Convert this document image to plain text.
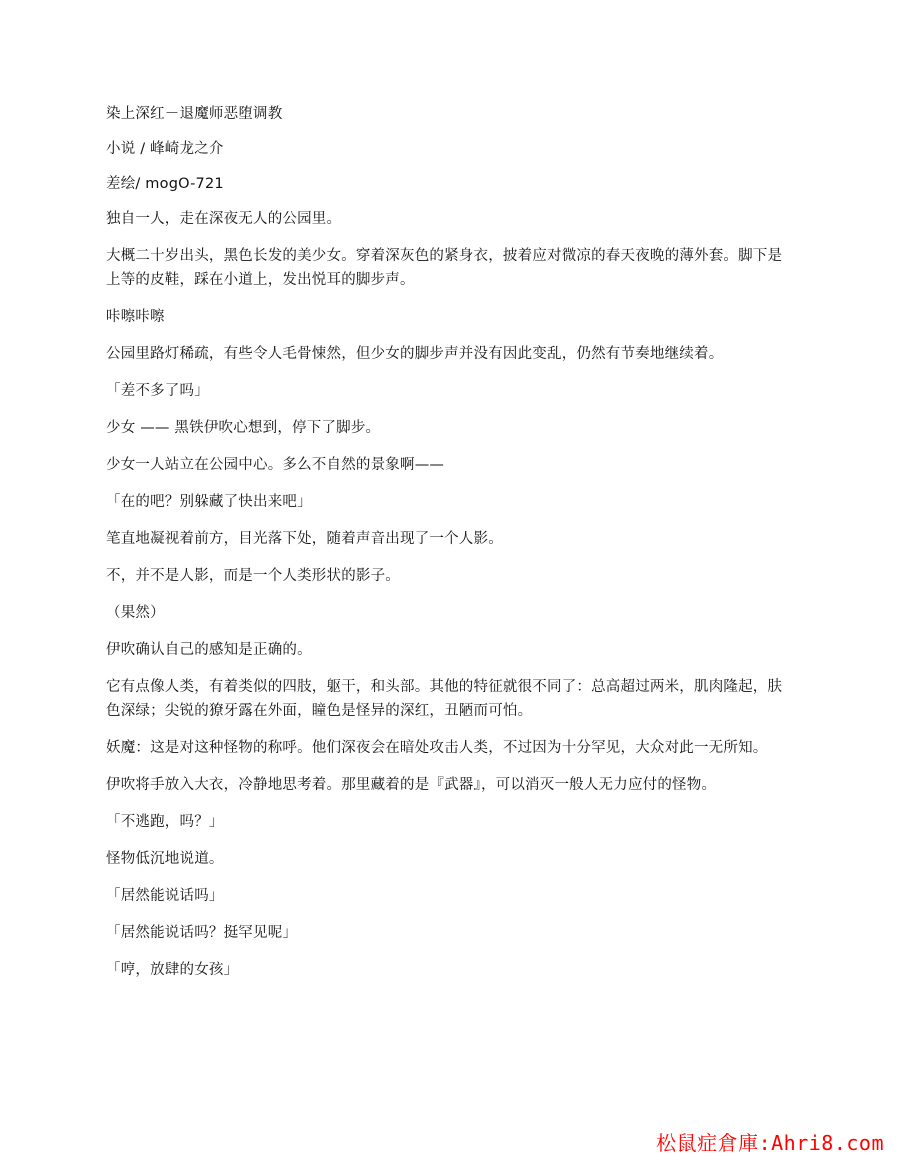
染上深红－退魔师恶堕调教

小说 / 峰崎龙之介

差绘/ mogO-721

独自一人，走在深夜无人的公园里。

大概二十岁出头，黑色长发的美少女。穿着深灰色的紧身衣，披着应对微凉的春天夜晚的薄外套。脚下是上等的皮鞋，踩在小道上，发出悦耳的脚步声。

咔嚓咔嚓

公园里路灯稀疏，有些令人毛骨悚然，但少女的脚步声并没有因此变乱，仍然有节奏地继续着。

「差不多了吗」

少女 —— 黑铁伊吹心想到，停下了脚步。

少女一人站立在公园中心。多么不自然的景象啊——

「在的吧？别躲藏了快出来吧」

笔直地凝视着前方，目光落下处，随着声音出现了一个人影。

不，并不是人影，而是一个人类形状的影子。

（果然）

伊吹确认自己的感知是正确的。

它有点像人类，有着类似的四肢，躯干，和头部。其他的特征就很不同了：总高超过两米，肌肉隆起，肤色深绿；尖锐的獠牙露在外面，瞳色是怪异的深红，丑陋而可怕。

妖魔：这是对这种怪物的称呼。他们深夜会在暗处攻击人类，不过因为十分罕见，大众对此一无所知。

伊吹将手放入大衣，冷静地思考着。那里藏着的是『武器』，可以消灭一般人无力应付的怪物。

「不逃跑，吗？」

怪物低沉地说道。

「居然能说话吗」

「居然能说话吗？挺罕见呢」

「哼，放肆的女孩」

松鼠症倉庫:Ahri8.com
